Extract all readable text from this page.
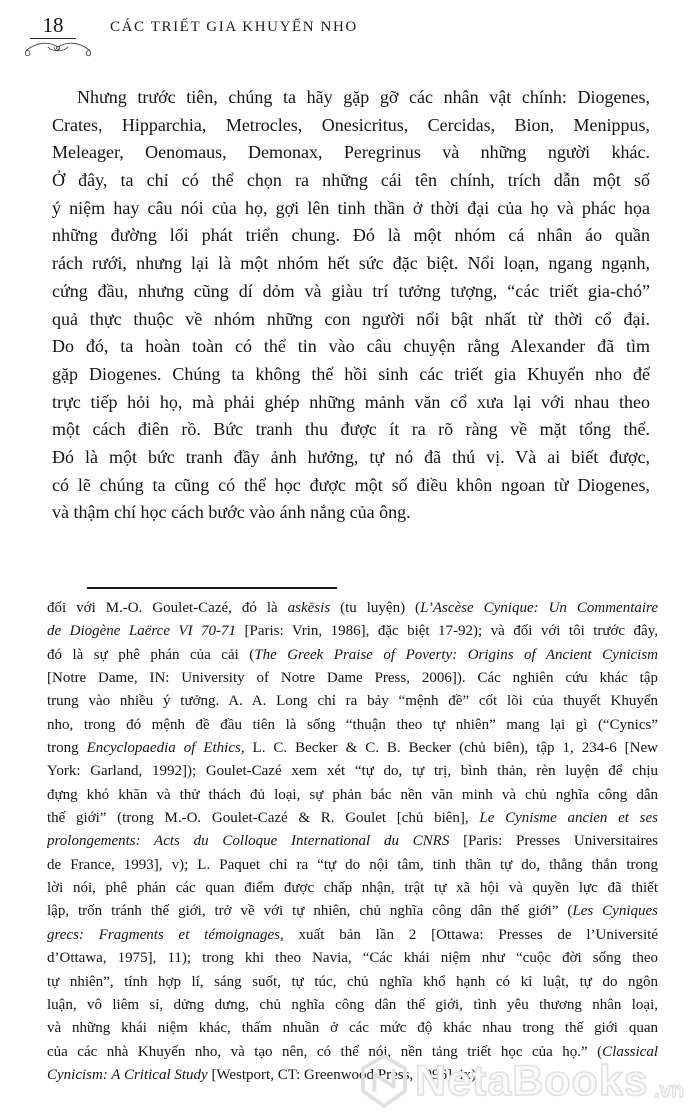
18	CÁC TRIẾT GIA KHUYỂN NHO
Nhưng trước tiên, chúng ta hãy gặp gỡ các nhân vật chính: Diogenes,
Crates, Hipparchia, Metrocles, Onesicritus, Cercidas, Bion, Menippus,
Meleager, Oenomaus, Demonax, Peregrinus và những người khác.
Ở đây, ta chỉ có thể chọn ra những cái tên chính, trích dẫn một số
ý niệm hay câu nói của họ, gợi lên tinh thần ở thời đại của họ và phác họa
những đường lối phát triển chung. Đó là một nhóm cá nhân áo quần
rách rưới, nhưng lại là một nhóm hết sức đặc biệt. Nổi loạn, ngang ngạnh,
cứng đầu, nhưng cũng dí dỏm và giàu trí tưởng tượng, “các triết gia-chó”
quả thực thuộc về nhóm những con người nổi bật nhất từ thời cổ đại.
Do đó, ta hoàn toàn có thể tin vào câu chuyện rằng Alexander đã tìm
gặp Diogenes. Chúng ta không thể hồi sinh các triết gia Khuyển nho để
trực tiếp hỏi họ, mà phải ghép những mảnh văn cổ xưa lại với nhau theo
một cách điên rồ. Bức tranh thu được ít ra rõ ràng về mặt tổng thể.
Đó là một bức tranh đầy ảnh hưởng, tự nó đã thú vị. Và ai biết được,
có lẽ chúng ta cũng có thể học được một số điều khôn ngoan từ Diogenes,
và thậm chí học cách bước vào ánh nắng của ông.
đối với M.-O. Goulet-Cazé, đó là askēsis (tu luyện) (L’Ascèse Cynique: Un Commentaire
de Diogène Laërce VI 70-71 [Paris: Vrin, 1986], đặc biệt 17-92); và đối với tôi trước đây,
đó là sự phê phán của cải (The Greek Praise of Poverty: Origins of Ancient Cynicism
[Notre Dame, IN: University of Notre Dame Press, 2006]). Các nghiên cứu khác tập
trung vào nhiều ý tưởng. A. A. Long chỉ ra bảy “mệnh đề” cốt lõi của thuyết Khuyển
nho, trong đó mệnh đề đầu tiên là sống “thuận theo tự nhiên” mang lại gì (“Cynics”
trong Encyclopaedia of Ethics, L. C. Becker & C. B. Becker (chủ biên), tập 1, 234-6 [New
York: Garland, 1992]); Goulet-Cazé xem xét “tự do, tự trị, bình thản, rèn luyện để chịu
đựng khó khăn và thử thách đủ loại, sự phản bác nền văn minh và chủ nghĩa công dân
thế giới” (trong M.-O. Goulet-Cazé & R. Goulet [chủ biên], Le Cynisme ancien et ses
prolongements: Acts du Colloque International du CNRS [Paris: Presses Universitaires
de France, 1993], v); L. Paquet chỉ ra “tự do nội tâm, tinh thần tự do, thẳng thắn trong
lời nói, phê phán các quan điểm được chấp nhận, trật tự xã hội và quyền lực đã thiết
lập, trốn tránh thế giới, trở về với tự nhiên, chủ nghĩa công dân thế giới” (Les Cyniques
grecs: Fragments et témoignages, xuất bản lần 2 [Ottawa: Presses de l’Université
d’Ottawa, 1975], 11); trong khi theo Navia, “Các khái niệm như “cuộc đời sống theo
tự nhiên”, tính hợp lí, sáng suốt, tự túc, chủ nghĩa khổ hạnh có kỉ luật, tự do ngôn
luận, vô liêm sỉ, dửng dưng, chủ nghĩa công dân thế giới, tình yêu thương nhân loại,
và những khái niệm khác, thấm nhuần ở các mức độ khác nhau trong thế giới quan
của các nhà Khuyển nho, và tạo nên, có thể nói, nền tảng triết học của họ.” (Classical
Cynicism: A Critical Study [Westport, CT: Greenwood Press, 1996], ix).
NetaBooks .vn
